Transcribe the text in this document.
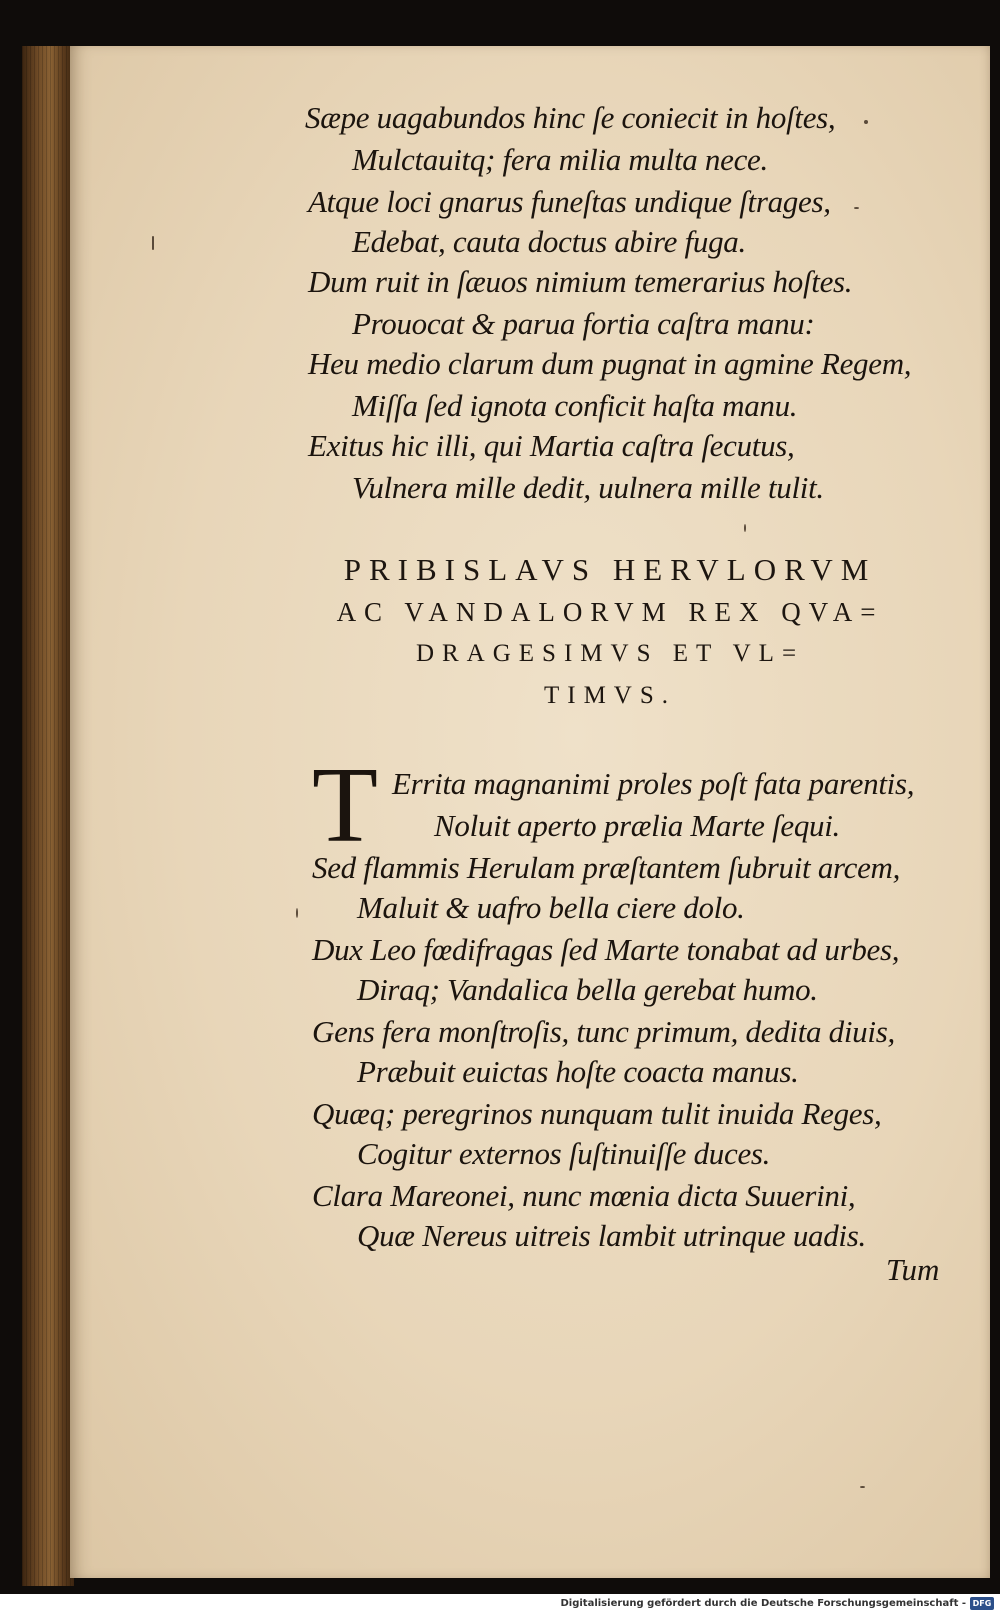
Sæpe uagabundos hinc ſe coniecit in hoſtes,

Mulctauitq; fera milia multa nece.

Atque loci gnarus funeſtas undique ſtrages,

Edebat, cauta doctus abire fuga.

Dum ruit in ſæuos nimium temerarius hoſtes.

Prouocat & parua fortia caſtra manu:

Heu medio clarum dum pugnat in agmine Regem,

Miſſa ſed ignota conficit haſta manu.

Exitus hic illi, qui Martia caſtra ſecutus,

Vulnera mille dedit, uulnera mille tulit.

PRIBISLAVS HERVLORVM

AC VANDALORVM REX QVA=

DRAGESIMVS ET VL=

TIMVS.

T Errita magnanimi proles poſt fata parentis,

Noluit aperto prælia Marte ſequi.

Sed flammis Herulam præſtantem ſubruit arcem,

Maluit & uafro bella ciere dolo.

Dux Leo fœdifragas ſed Marte tonabat ad urbes,

Diraq; Vandalica bella gerebat humo.

Gens fera monſtroſis, tunc primum, dedita diuis,

Præbuit euictas hoſte coacta manus.

Quæq; peregrinos nunquam tulit inuida Reges,

Cogitur externos ſuſtinuiſſe duces.

Clara Mareonei, nunc mœnia dicta Suuerini,

Quæ Nereus uitreis lambit utrinque uadis.

Tum

Digitalisierung gefördert durch die Deutsche Forschungsgemeinschaft - DFG
